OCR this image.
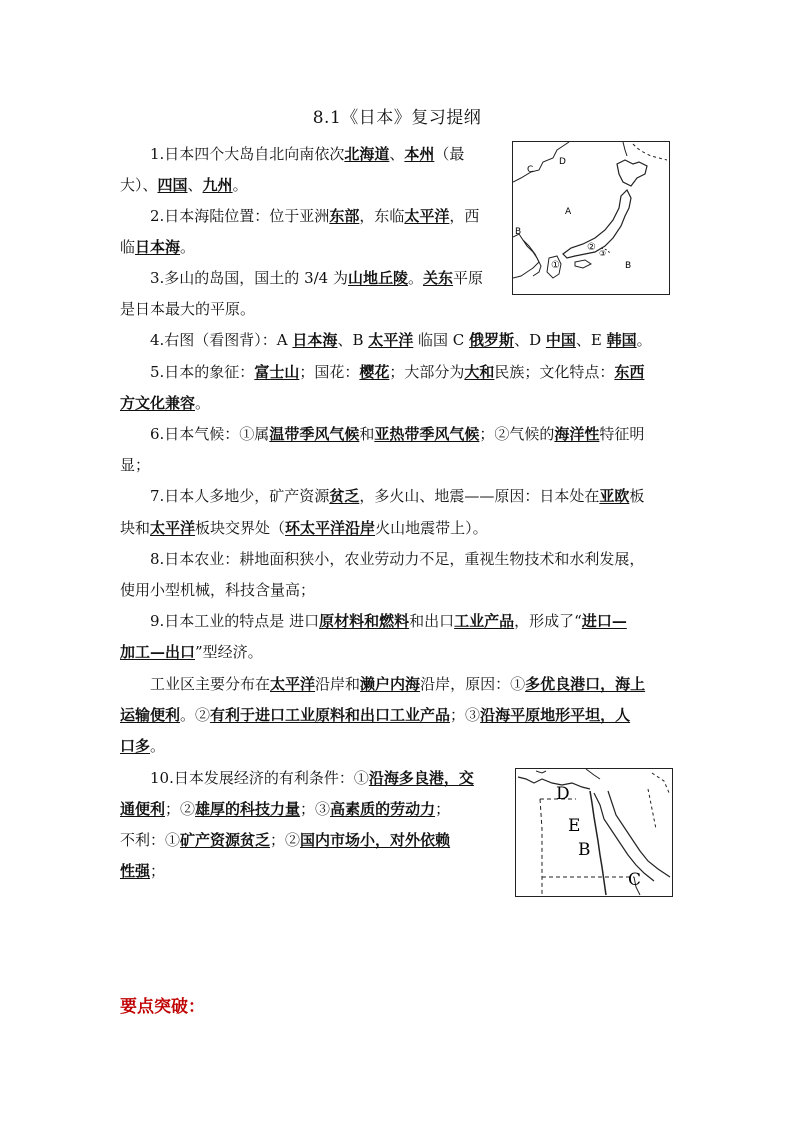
8.1《日本》复习提纲
1.日本四个大岛自北向南依次北海道、本州（最
大）、四国、九州。
2.日本海陆位置：位于亚洲东部，东临太平洋，西
临日本海。
3.多山的岛国，国土的 3/4 为山地丘陵。关东平原
是日本最大的平原。
4.右图（看图背）：A 日本海、B 太平洋 临国 C 俄罗斯、D 中国、E 韩国。
5.日本的象征：富士山；国花：樱花；大部分为大和民族；文化特点：东西
方文化兼容。
6.日本气候：①属温带季风气候和亚热带季风气候；②气候的海洋性特征明
显；
7.日本人多地少，矿产资源贫乏，多火山、地震——原因：日本处在亚欧板
块和太平洋板块交界处（环太平洋沿岸火山地震带上）。
8.日本农业：耕地面积狭小，农业劳动力不足，重视生物技术和水利发展，
使用小型机械，科技含量高；
9.日本工业的特点是 进口原材料和燃料和出口工业产品，形成了“进口—
加工—出口”型经济。
工业区主要分布在太平洋沿岸和濑户内海沿岸，原因：①多优良港口，海上
运输便利。②有利于进口工业原料和出口工业产品；③沿海平原地形平坦，人
口多。
10.日本发展经济的有利条件：①沿海多良港，交
通便利；②雄厚的科技力量；③高素质的劳动力；
不利：①矿产资源贫乏；②国内市场小，对外依赖
性强；
C
D
A
B
B
①
②
③
D
E
B
C
要点突破：
